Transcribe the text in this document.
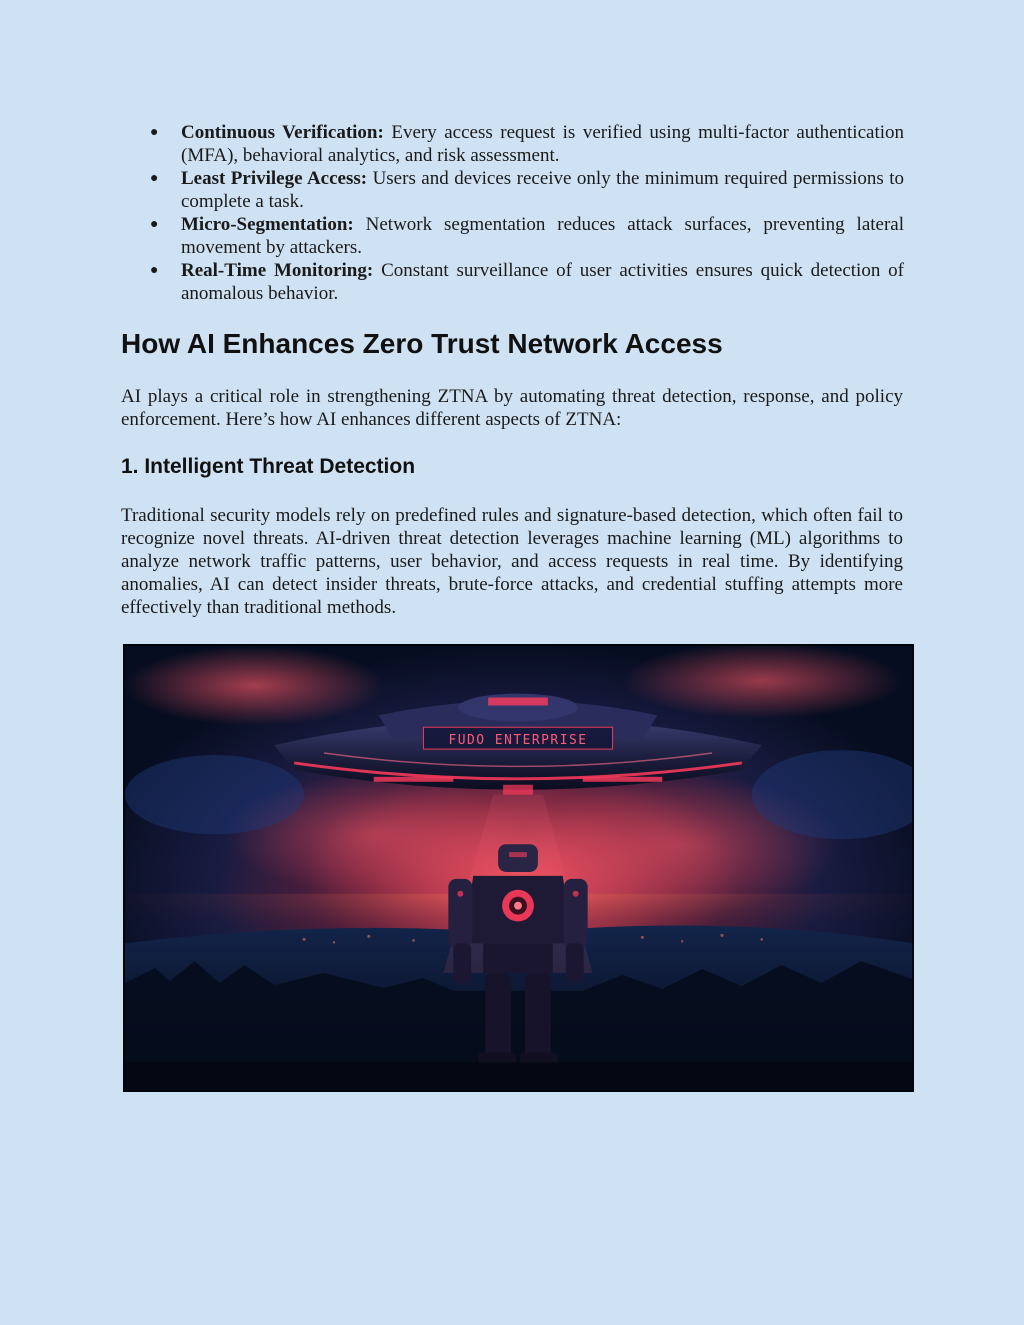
● Continuous Verification: Every access request is verified using multi-factor authentication (MFA), behavioral analytics, and risk assessment.
● Least Privilege Access: Users and devices receive only the minimum required permissions to complete a task.
● Micro-Segmentation: Network segmentation reduces attack surfaces, preventing lateral movement by attackers.
● Real-Time Monitoring: Constant surveillance of user activities ensures quick detection of anomalous behavior.
How AI Enhances Zero Trust Network Access

AI plays a critical role in strengthening ZTNA by automating threat detection, response, and policy enforcement. Here’s how AI enhances different aspects of ZTNA:

1. Intelligent Threat Detection

Traditional security models rely on predefined rules and signature-based detection, which often fail to recognize novel threats. AI-driven threat detection leverages machine learning (ML) algorithms to analyze network traffic patterns, user behavior, and access requests in real time. By identifying anomalies, AI can detect insider threats, brute-force attacks, and credential stuffing attempts more effectively than traditional methods.

FUDO ENTERPRISE
